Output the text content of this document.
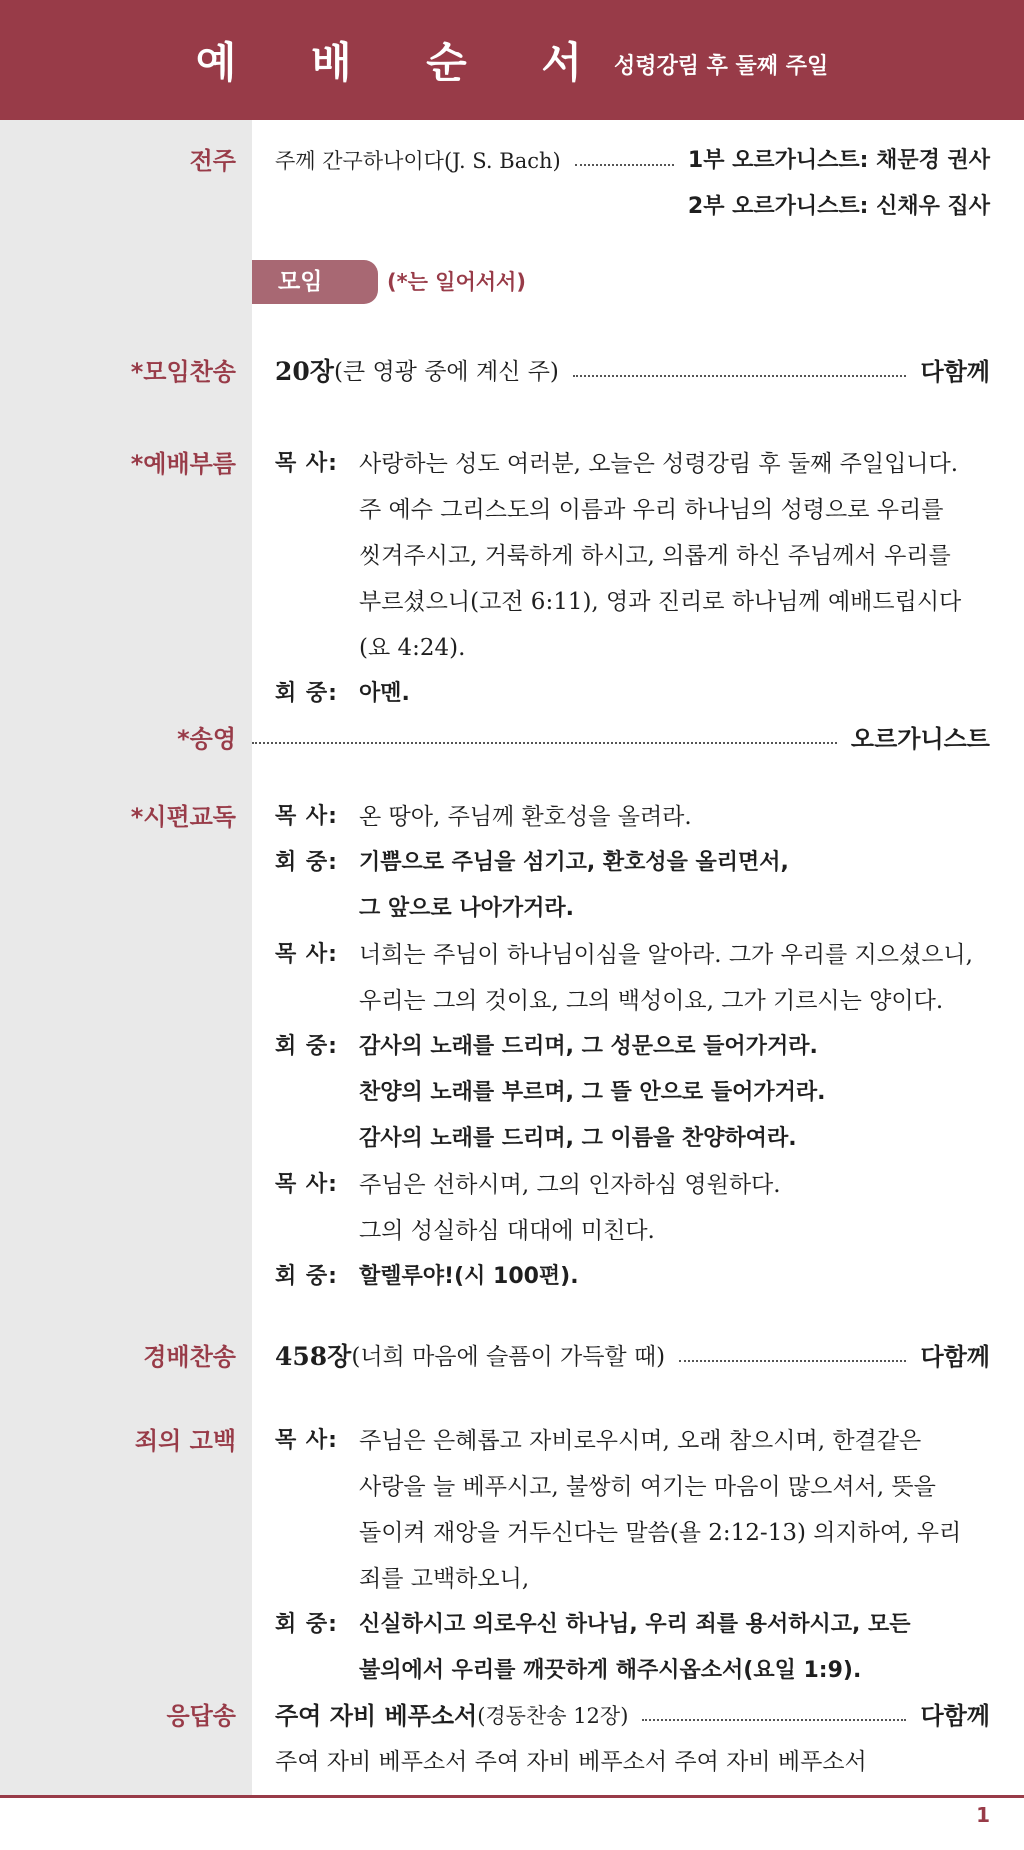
예 배 순 서 성령강림 후 둘째 주일
전주 주께 간구하나이다(J. S. Bach)	1부 오르가니스트: 채문경 권사
2부 오르가니스트: 신채우 집사
모임	(*는 일어서서)
*모임찬송 20장 (큰 영광 중에 계신 주)	다함께
*예배부름 목 사: 사랑하는 성도 여러분, 오늘은 성령강림 후 둘째 주일입니다.
주 예수 그리스도의 이름과 우리 하나님의 성령으로 우리를
씻겨주시고, 거룩하게 하시고, 의롭게 하신 주님께서 우리를
부르셨으니(고전 6:11), 영과 진리로 하나님께 예배드립시다
(요 4:24).
회 중: 아멘.
*송영	오르가니스트
*시편교독 목 사: 온 땅아, 주님께 환호성을 올려라.
회 중: 기쁨으로 주님을 섬기고, 환호성을 올리면서,
그 앞으로 나아가거라.
목 사: 너희는 주님이 하나님이심을 알아라. 그가 우리를 지으셨으니,
우리는 그의 것이요, 그의 백성이요, 그가 기르시는 양이다.
회 중: 감사의 노래를 드리며, 그 성문으로 들어가거라.
찬양의 노래를 부르며, 그 뜰 안으로 들어가거라.
감사의 노래를 드리며, 그 이름을 찬양하여라.
목 사: 주님은 선하시며, 그의 인자하심 영원하다.
그의 성실하심 대대에 미친다.
회 중: 할렐루야!(시 100편).
경배찬송 458장 (너희 마음에 슬픔이 가득할 때)	다함께
죄의 고백 목 사: 주님은 은혜롭고 자비로우시며, 오래 참으시며, 한결같은
사랑을 늘 베푸시고, 불쌍히 여기는 마음이 많으셔서, 뜻을
돌이켜 재앙을 거두신다는 말씀(욜 2:12-13) 의지하여, 우리
죄를 고백하오니,
회 중: 신실하시고 의로우신 하나님, 우리 죄를 용서하시고, 모든
불의에서 우리를 깨끗하게 해주시옵소서(요일 1:9).
응답송 주여 자비 베푸소서 (경동찬송 12장)	다함께
주여 자비 베푸소서 주여 자비 베푸소서 주여 자비 베푸소서
1
